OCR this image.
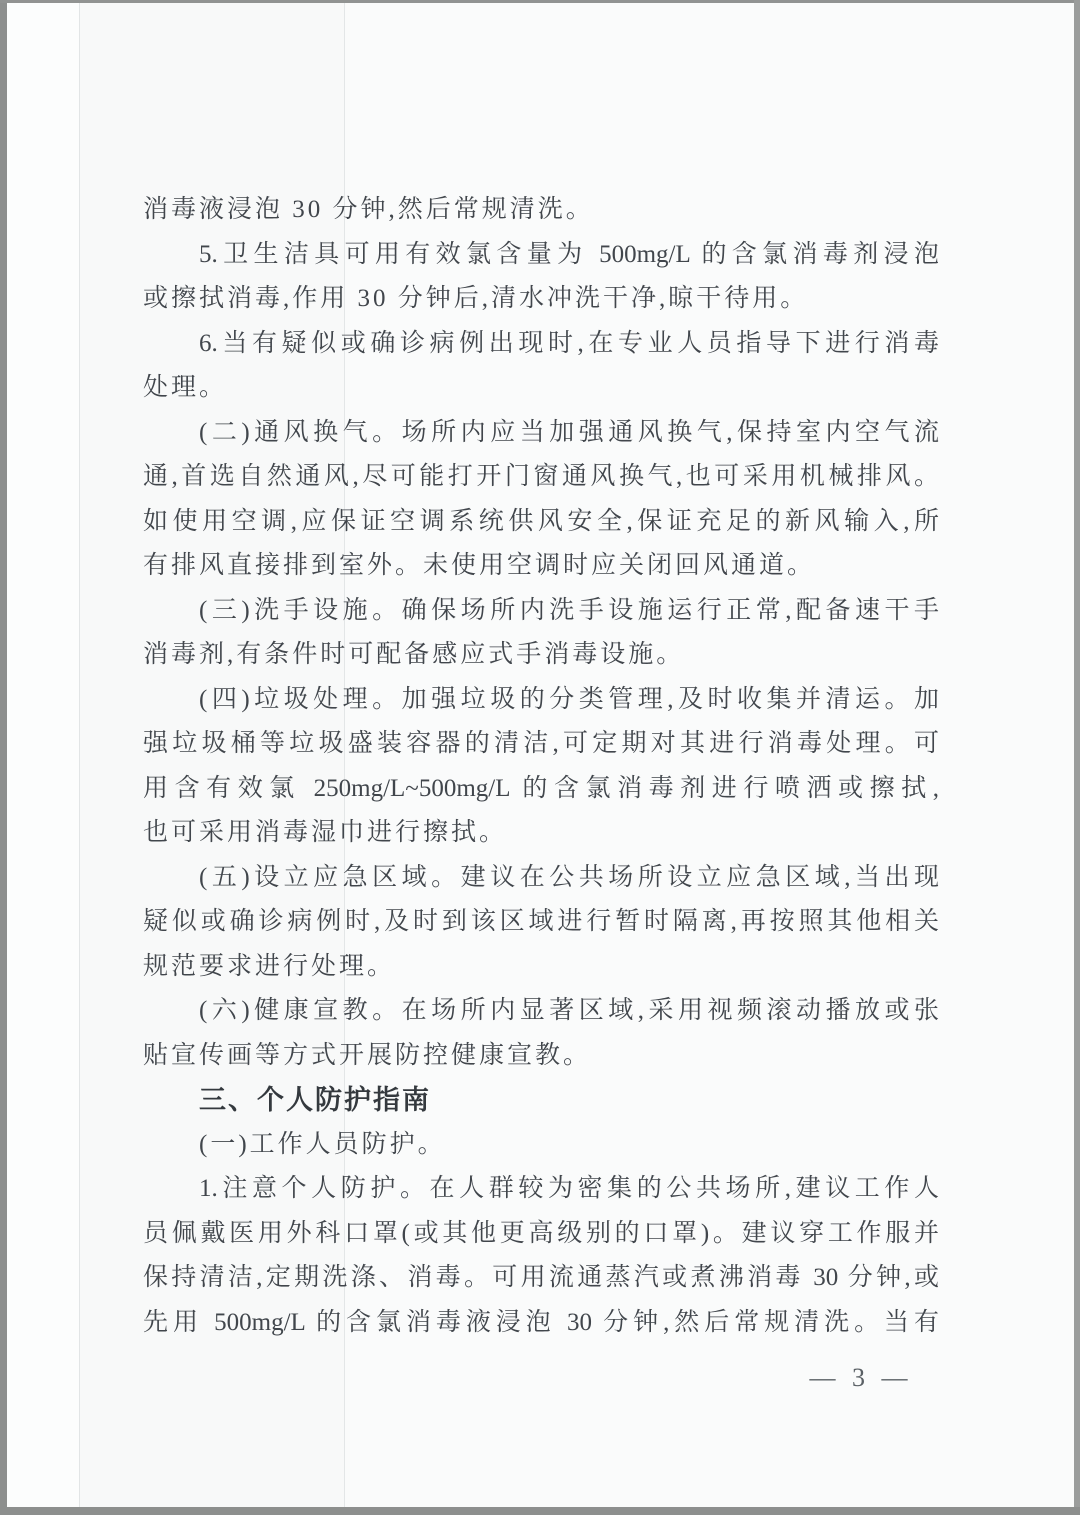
消毒液浸泡 30 分钟,然后常规清洗。
5.卫生洁具可用有效氯含量为 500mg/L 的含氯消毒剂浸泡
或擦拭消毒,作用 30 分钟后,清水冲洗干净,晾干待用。
6.当有疑似或确诊病例出现时,在专业人员指导下进行消毒
处理。
(二)通风换气。场所内应当加强通风换气,保持室内空气流
通,首选自然通风,尽可能打开门窗通风换气,也可采用机械排风。
如使用空调,应保证空调系统供风安全,保证充足的新风输入,所
有排风直接排到室外。未使用空调时应关闭回风通道。
(三)洗手设施。确保场所内洗手设施运行正常,配备速干手
消毒剂,有条件时可配备感应式手消毒设施。
(四)垃圾处理。加强垃圾的分类管理,及时收集并清运。加
强垃圾桶等垃圾盛装容器的清洁,可定期对其进行消毒处理。可
用含有效氯 250mg/L~500mg/L 的含氯消毒剂进行喷洒或擦拭,
也可采用消毒湿巾进行擦拭。
(五)设立应急区域。建议在公共场所设立应急区域,当出现
疑似或确诊病例时,及时到该区域进行暂时隔离,再按照其他相关
规范要求进行处理。
(六)健康宣教。在场所内显著区域,采用视频滚动播放或张
贴宣传画等方式开展防控健康宣教。
三、个人防护指南
(一)工作人员防护。
1.注意个人防护。在人群较为密集的公共场所,建议工作人
员佩戴医用外科口罩(或其他更高级别的口罩)。建议穿工作服并
保持清洁,定期洗涤、消毒。可用流通蒸汽或煮沸消毒 30 分钟,或
先用 500mg/L 的含氯消毒液浸泡 30 分钟,然后常规清洗。当有
— 3 —
